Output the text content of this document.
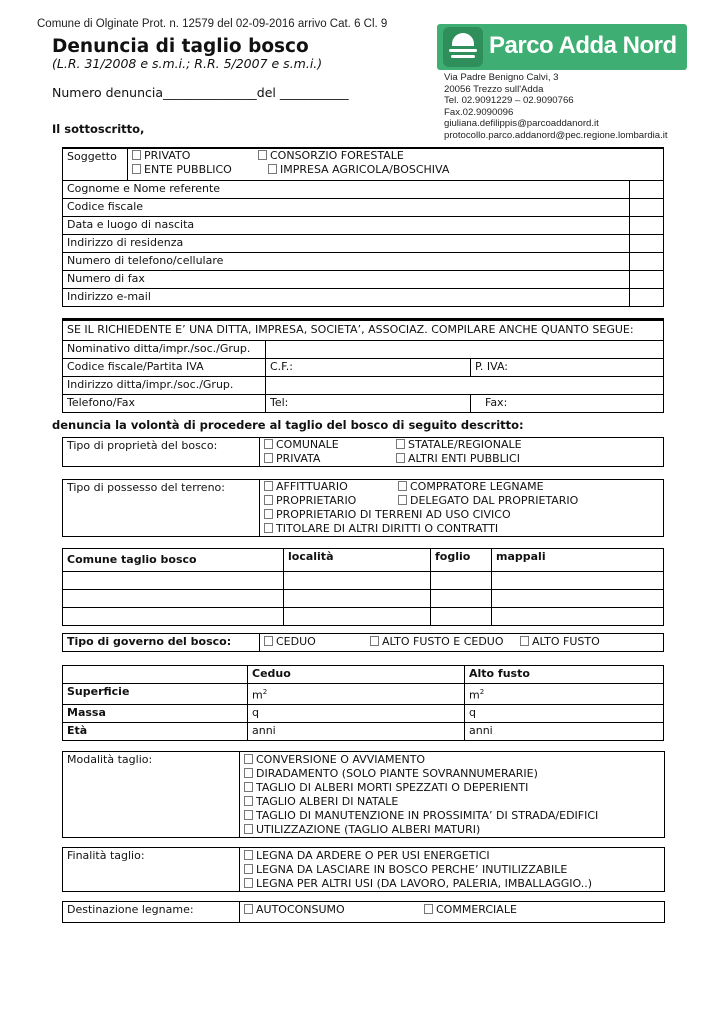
Comune di Olginate Prot. n. 12579 del 02-09-2016 arrivo Cat. 6 Cl. 9
Denuncia di taglio bosco
(L.R. 31/2008 e s.m.i.; R.R. 5/2007 e s.m.i.)
Numero denuncia_______________del ___________
Il sottoscritto,
Parco Adda Nord
Via Padre Benigno Calvi, 3
20056 Trezzo sull'Adda
Tel. 02.9091229 – 02.9090766
Fax.02.9090096
giuliana.defilippis@parcoaddanord.it
protocollo.parco.addanord@pec.regione.lombardia.it
Soggetto	PRIVATO CONSORZIO FORESTALE
ENTE PUBBLICO IMPRESA AGRICOLA/BOSCHIVA	

Cognome e Nome referente		
Codice fiscale		
Data e luogo di nascita		
Indirizzo di residenza		
Numero di telefono/cellulare		
Numero di fax		
Indirizzo e-mail		
SE IL RICHIEDENTE E’ UNA DITTA, IMPRESA, SOCIETA’, ASSOCIAZ. COMPILARE ANCHE QUANTO SEGUE:		
Nominativo ditta/impr./soc./Grup.		
Codice fiscale/Partita IVA	C.F.:	P. IVA:
Indirizzo ditta/impr./soc./Grup.		
Telefono/Fax	Tel:	Fax:
denuncia la volontà di procedere al taglio del bosco di seguito descritto:
Tipo di proprietà del bosco:	COMUNALE	STATALE/REGIONALE
PRIVATA	ALTRI ENTI PUBBLICI
Tipo di possesso del terreno:	AFFITTUARIO	COMPRATORE LEGNAME
PROPRIETARIO	DELEGATO DAL PROPRIETARIO
PROPRIETARIO DI TERRENI AD USO CIVICO
TITOLARE DI ALTRI DIRITTI O CONTRATTI
Comune taglio bosco	località	foglio	mappali

Tipo di governo del bosco:	CEDUO	ALTO FUSTO E CEDUO	ALTO FUSTO
	Ceduo	Alto fusto
Superficie	$m^2$	$m^2$
Massa	q	q
Età	anni	anni
Modalità taglio:	CONVERSIONE O AVVIAMENTO
DIRADAMENTO (SOLO PIANTE SOVRANNUMERARIE)
TAGLIO DI ALBERI MORTI SPEZZATI O DEPERIENTI
TAGLIO ALBERI DI NATALE
TAGLIO DI MANUTENZIONE IN PROSSIMITA’ DI STRADA/EDIFICI
UTILIZZAZIONE (TAGLIO ALBERI MATURI)
Finalità taglio:	LEGNA DA ARDERE O PER USI ENERGETICI
LEGNA DA LASCIARE IN BOSCO PERCHE’ INUTILIZZABILE
LEGNA PER ALTRI USI (DA LAVORO, PALERIA, IMBALLAGGIO..)
Destinazione legname:	AUTOCONSUMO	COMMERCIALE
